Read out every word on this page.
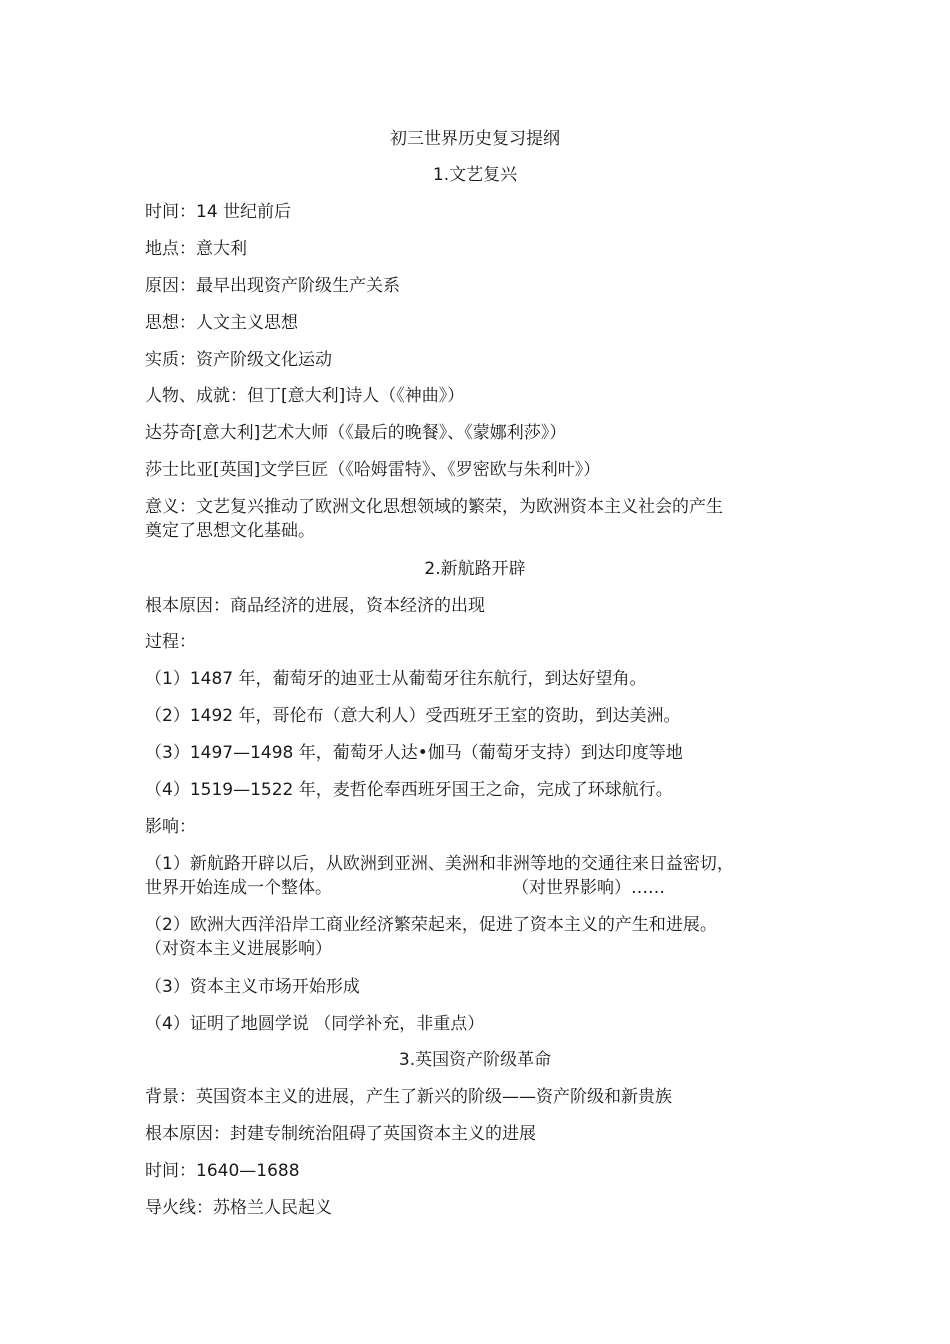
初三世界历史复习提纲
1.文艺复兴
时间：14 世纪前后
地点：意大利
原因：最早出现资产阶级生产关系
思想：人文主义思想
实质：资产阶级文化运动
人物、成就：但丁[意大利]诗人（《神曲》）
达芬奇[意大利]艺术大师（《最后的晚餐》、《蒙娜利莎》）
莎士比亚[英国]文学巨匠（《哈姆雷特》、《罗密欧与朱利叶》）
意义：文艺复兴推动了欧洲文化思想领域的繁荣，为欧洲资本主义社会的产生
奠定了思想文化基础。
2.新航路开辟
根本原因：商品经济的进展，资本经济的出现
过程：
（1）1487 年，葡萄牙的迪亚士从葡萄牙往东航行，到达好望角。
（2）1492 年，哥伦布（意大利人）受西班牙王室的资助，到达美洲。
（3）1497—1498 年，葡萄牙人达•伽马（葡萄牙支持）到达印度等地
（4）1519—1522 年，麦哲伦奉西班牙国王之命，完成了环球航行。
影响：
（1）新航路开辟以后，从欧洲到亚洲、美洲和非洲等地的交通往来日益密切，
世界开始连成一个整体。	（对世界影响）……
（2）欧洲大西洋沿岸工商业经济繁荣起来，促进了资本主义的产生和进展。
（对资本主义进展影响）
（3）资本主义市场开始形成
（4）证明了地圆学说 （同学补充，非重点）
3.英国资产阶级革命
背景：英国资本主义的进展，产生了新兴的阶级——资产阶级和新贵族
根本原因：封建专制统治阻碍了英国资本主义的进展
时间：1640—1688
导火线：苏格兰人民起义
